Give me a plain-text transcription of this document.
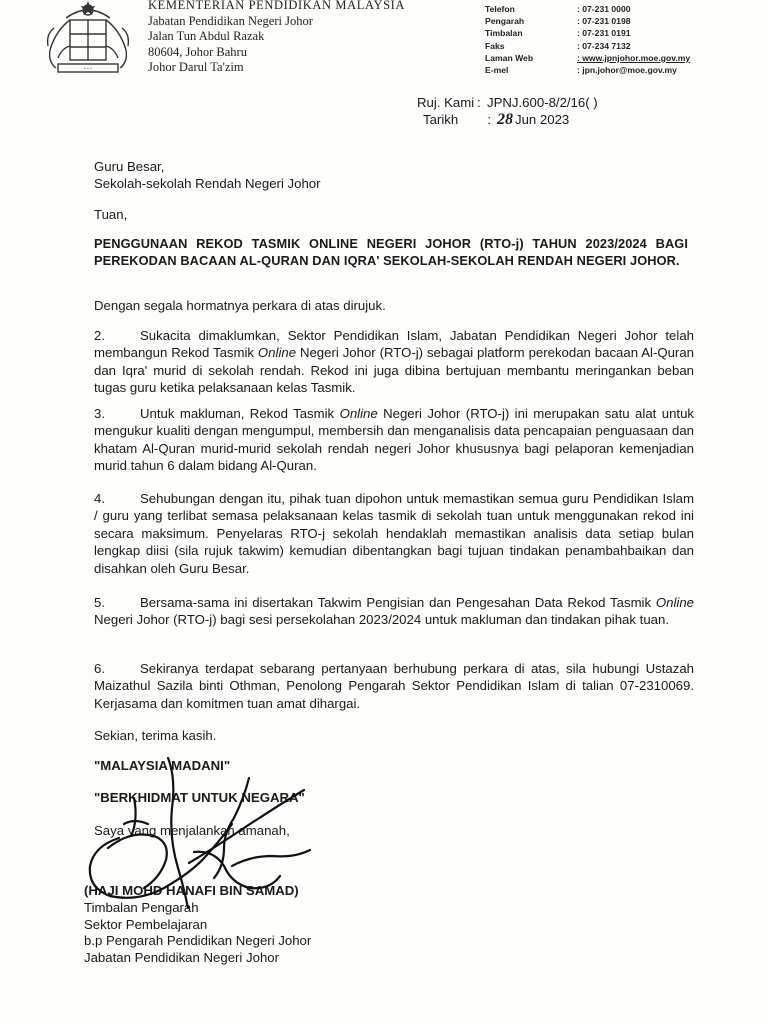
* * *
KEMENTERIAN PENDIDIKAN MALAYSIA
Jabatan Pendidikan Negeri Johor
Jalan Tun Abdul Razak
80604, Johor Bahru
Johor Darul Ta'zim
Telefon	: 07-231 0000
Pengarah	: 07-231 0198
Timbalan	: 07-231 0191
Faks	: 07-234 7132
Laman Web	: www.jpnjohor.moe.gov.my
E-mel	: jpn.johor@moe.gov.my
Ruj. Kami : JPNJ.600-8/2/16( )
Tarikh	: 28 Jun 2023
Guru Besar,
Sekolah-sekolah Rendah Negeri Johor
Tuan,
PENGGUNAAN REKOD TASMIK ONLINE NEGERI JOHOR (RTO-j) TAHUN 2023/2024 BAGI PEREKODAN BACAAN AL-QURAN DAN IQRA' SEKOLAH-SEKOLAH RENDAH NEGERI JOHOR.
Dengan segala hormatnya perkara di atas dirujuk.
2.	Sukacita dimaklumkan, Sektor Pendidikan Islam, Jabatan Pendidikan Negeri Johor telah membangun Rekod Tasmik Online Negeri Johor (RTO-j) sebagai platform perekodan bacaan Al-Quran dan Iqra' murid di sekolah rendah. Rekod ini juga dibina bertujuan membantu meringankan beban tugas guru ketika pelaksanaan kelas Tasmik.
3.	Untuk makluman, Rekod Tasmik Online Negeri Johor (RTO-j) ini merupakan satu alat untuk mengukur kualiti dengan mengumpul, membersih dan menganalisis data pencapaian penguasaan dan khatam Al-Quran murid-murid sekolah rendah negeri Johor khususnya bagi pelaporan kemenjadian murid tahun 6 dalam bidang Al-Quran.
4.	Sehubungan dengan itu, pihak tuan dipohon untuk memastikan semua guru Pendidikan Islam / guru yang terlibat semasa pelaksanaan kelas tasmik di sekolah tuan untuk menggunakan rekod ini secara maksimum. Penyelaras RTO-j sekolah hendaklah memastikan analisis data setiap bulan lengkap diisi (sila rujuk takwim) kemudian dibentangkan bagi tujuan tindakan penambahbaikan dan disahkan oleh Guru Besar.
5.	Bersama-sama ini disertakan Takwim Pengisian dan Pengesahan Data Rekod Tasmik Online Negeri Johor (RTO-j) bagi sesi persekolahan 2023/2024 untuk makluman dan tindakan pihak tuan.
6.	Sekiranya terdapat sebarang pertanyaan berhubung perkara di atas, sila hubungi Ustazah Maizathul Sazila binti Othman, Penolong Pengarah Sektor Pendidikan Islam di talian 07-2310069. Kerjasama dan komitmen tuan amat dihargai.
Sekian, terima kasih.
"MALAYSIA MADANI"
"BERKHIDMAT UNTUK NEGARA"
Saya yang menjalankan amanah,
(HAJI MOHD HANAFI BIN SAMAD)
Timbalan Pengarah
Sektor Pembelajaran
b.p Pengarah Pendidikan Negeri Johor
Jabatan Pendidikan Negeri Johor
